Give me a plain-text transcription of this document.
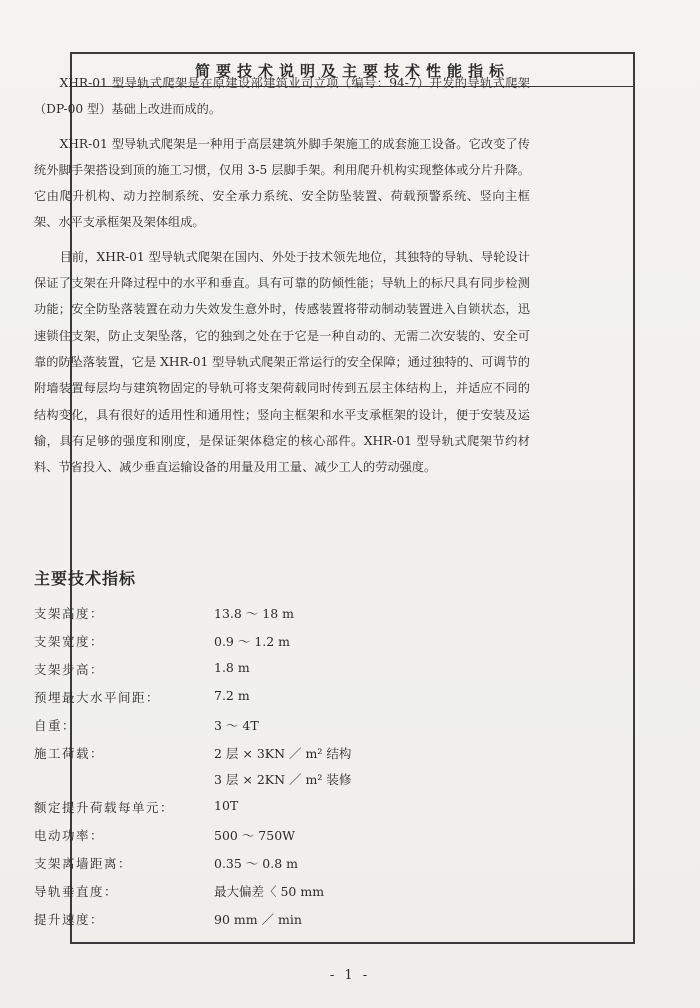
简要技术说明及主要技术性能指标

XHR-01 型导轨式爬架是在原建设部建筑业司立项（编号：94-7）开发的导轨式爬架（DP-00 型）基础上改进而成的。

XHR-01 型导轨式爬架是一种用于高层建筑外脚手架施工的成套施工设备。它改变了传统外脚手架搭设到顶的施工习惯，仅用 3-5 层脚手架。利用爬升机构实现整体或分片升降。它由爬升机构、动力控制系统、安全承力系统、安全防坠装置、荷载预警系统、竖向主框架、水平支承框架及架体组成。

目前，XHR-01 型导轨式爬架在国内、外处于技术领先地位，其独特的导轨、导轮设计保证了支架在升降过程中的水平和垂直。具有可靠的防倾性能；导轨上的标尺具有同步检测功能；安全防坠落装置在动力失效发生意外时，传感装置将带动制动装置进入自锁状态，迅速锁住支架，防止支架坠落，它的独到之处在于它是一种自动的、无需二次安装的、安全可靠的防坠落装置，它是 XHR-01 型导轨式爬架正常运行的安全保障；通过独特的、可调节的附墙装置每层均与建筑物固定的导轨可将支架荷载同时传到五层主体结构上，并适应不同的结构变化，具有很好的适用性和通用性；竖向主框架和水平支承框架的设计，便于安装及运输，具有足够的强度和刚度，是保证架体稳定的核心部件。XHR-01 型导轨式爬架节约材料、节省投入、减少垂直运输设备的用量及用工量、减少工人的劳动强度。

主要技术指标
支架高度：	13.8 ～ 18 m
支架宽度：	0.9 ～ 1.2 m
支架步高：	1.8 m
预埋最大水平间距：	7.2 m
自重：	3 ～ 4T
施工荷载：	2 层 × 3KN ／ m² 结构
3 层 × 2KN ／ m² 装修
额定提升荷载每单元：	10T
电动功率：	500 ～ 750W
支架离墙距离：	0.35 ～ 0.8 m
导轨垂直度：	最大偏差〈 50 mm
提升速度：	90 mm ／ min
- 1 -
